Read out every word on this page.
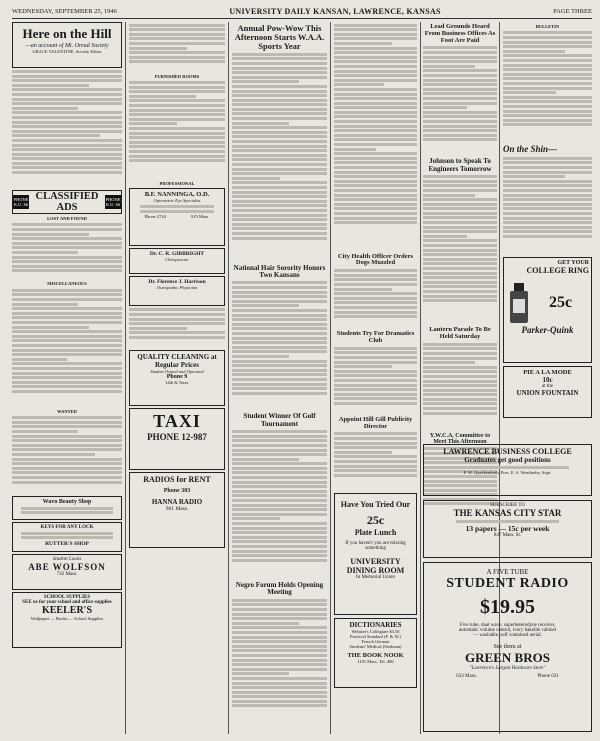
WEDNESDAY, SEPTEMBER 25, 1946	UNIVERSITY DAILY KANSAN, LAWRENCE, KANSAS	PAGE THREE
Here on the Hill
—an account of Mt. Oread Society
GRACE VALENTINE, Society Editor
PHONE
K.U. 66
CLASSIFIED ADS
PHONE
K.U. 66
LOST AND FOUND
MISCELLANEOUS
WANTED
Wavo Beauty Shop
KEYS FOR ANY LOCK
RUTTER'S SHOP
Student Loans
ABE WOLFSON
742 Mass.
SCHOOL SUPPLIES
SEE us for your school and office supplies
KEELER'S
Wallpaper — Books — School Supplies
FURNISHED ROOMS
PROFESSIONAL
B.F. NANNINGA, O.D.
Optometric Eye Specialist
Phone 2744	915 Mass.
Dr. C. R. GIBBRIGHT
Chiropractor
Dr. Florence J. Harrison
Osteopathic Physician
QUALITY CLEANING at Regular Prices
Student Owned and Operated
Phone 9
14th & Tenn.
TAXI
PHONE 12-987
RADIOS for RENT
Phone 303
HANNA RADIO
901 Mass.
Annual Pow-Wow This Afternoon Starts W.A.A. Sports Year
National Hair Sorority Honors Two Kansans
Student Winner Of Golf Tournament
Negro Forum Holds Opening Meeting
City Health Officer Orders Dogs Muzzled
Students Try For Dramatics Club
Appoint Hill Gill Publicity Director
Have You Tried Our
25c
Plate Lunch
If you haven't you are missing something
UNIVERSITY DINING ROOM
In Memorial Union
DICTIONARIES
Webster's Collegiate $3.50
Practical Standard (F. & W.)
French German
Students' Medical (Stedman)
THE BOOK NOOK
1101 Mass. Tel. 486
Lead Grounds Heard From Business Offices As Foot Are Paid
Johnson to Speak To Engineers Tomorrow
Lantern Parade To Be Held Saturday
Y.W.C.A. Committee to Meet This Afternoon
BULLETIN
On the Shin—
GET YOUR
COLLEGE RING
25c
Parker-Quink
PIE A LA MODE
10c
at the
UNION FOUNTAIN
LAWRENCE BUSINESS COLLEGE
Graduates get good positions
F. W. Quackenbush, Pres. E. S. Weatherby, Supt.
SUBSCRIBE TO
THE KANSAS CITY STAR
13 papers — 15c per week
847 Mass. St.
A FIVE TUBE
STUDENT RADIO
$19.95
Five tube, dual wave, superheterodyne receiver,
automatic volume control, ivory bakelite cabinet
— washable, self contained aerial.
See them at
GREEN BROS
"Lawrence's Largest Hardware Store"
633 Mass.	Phone 631
